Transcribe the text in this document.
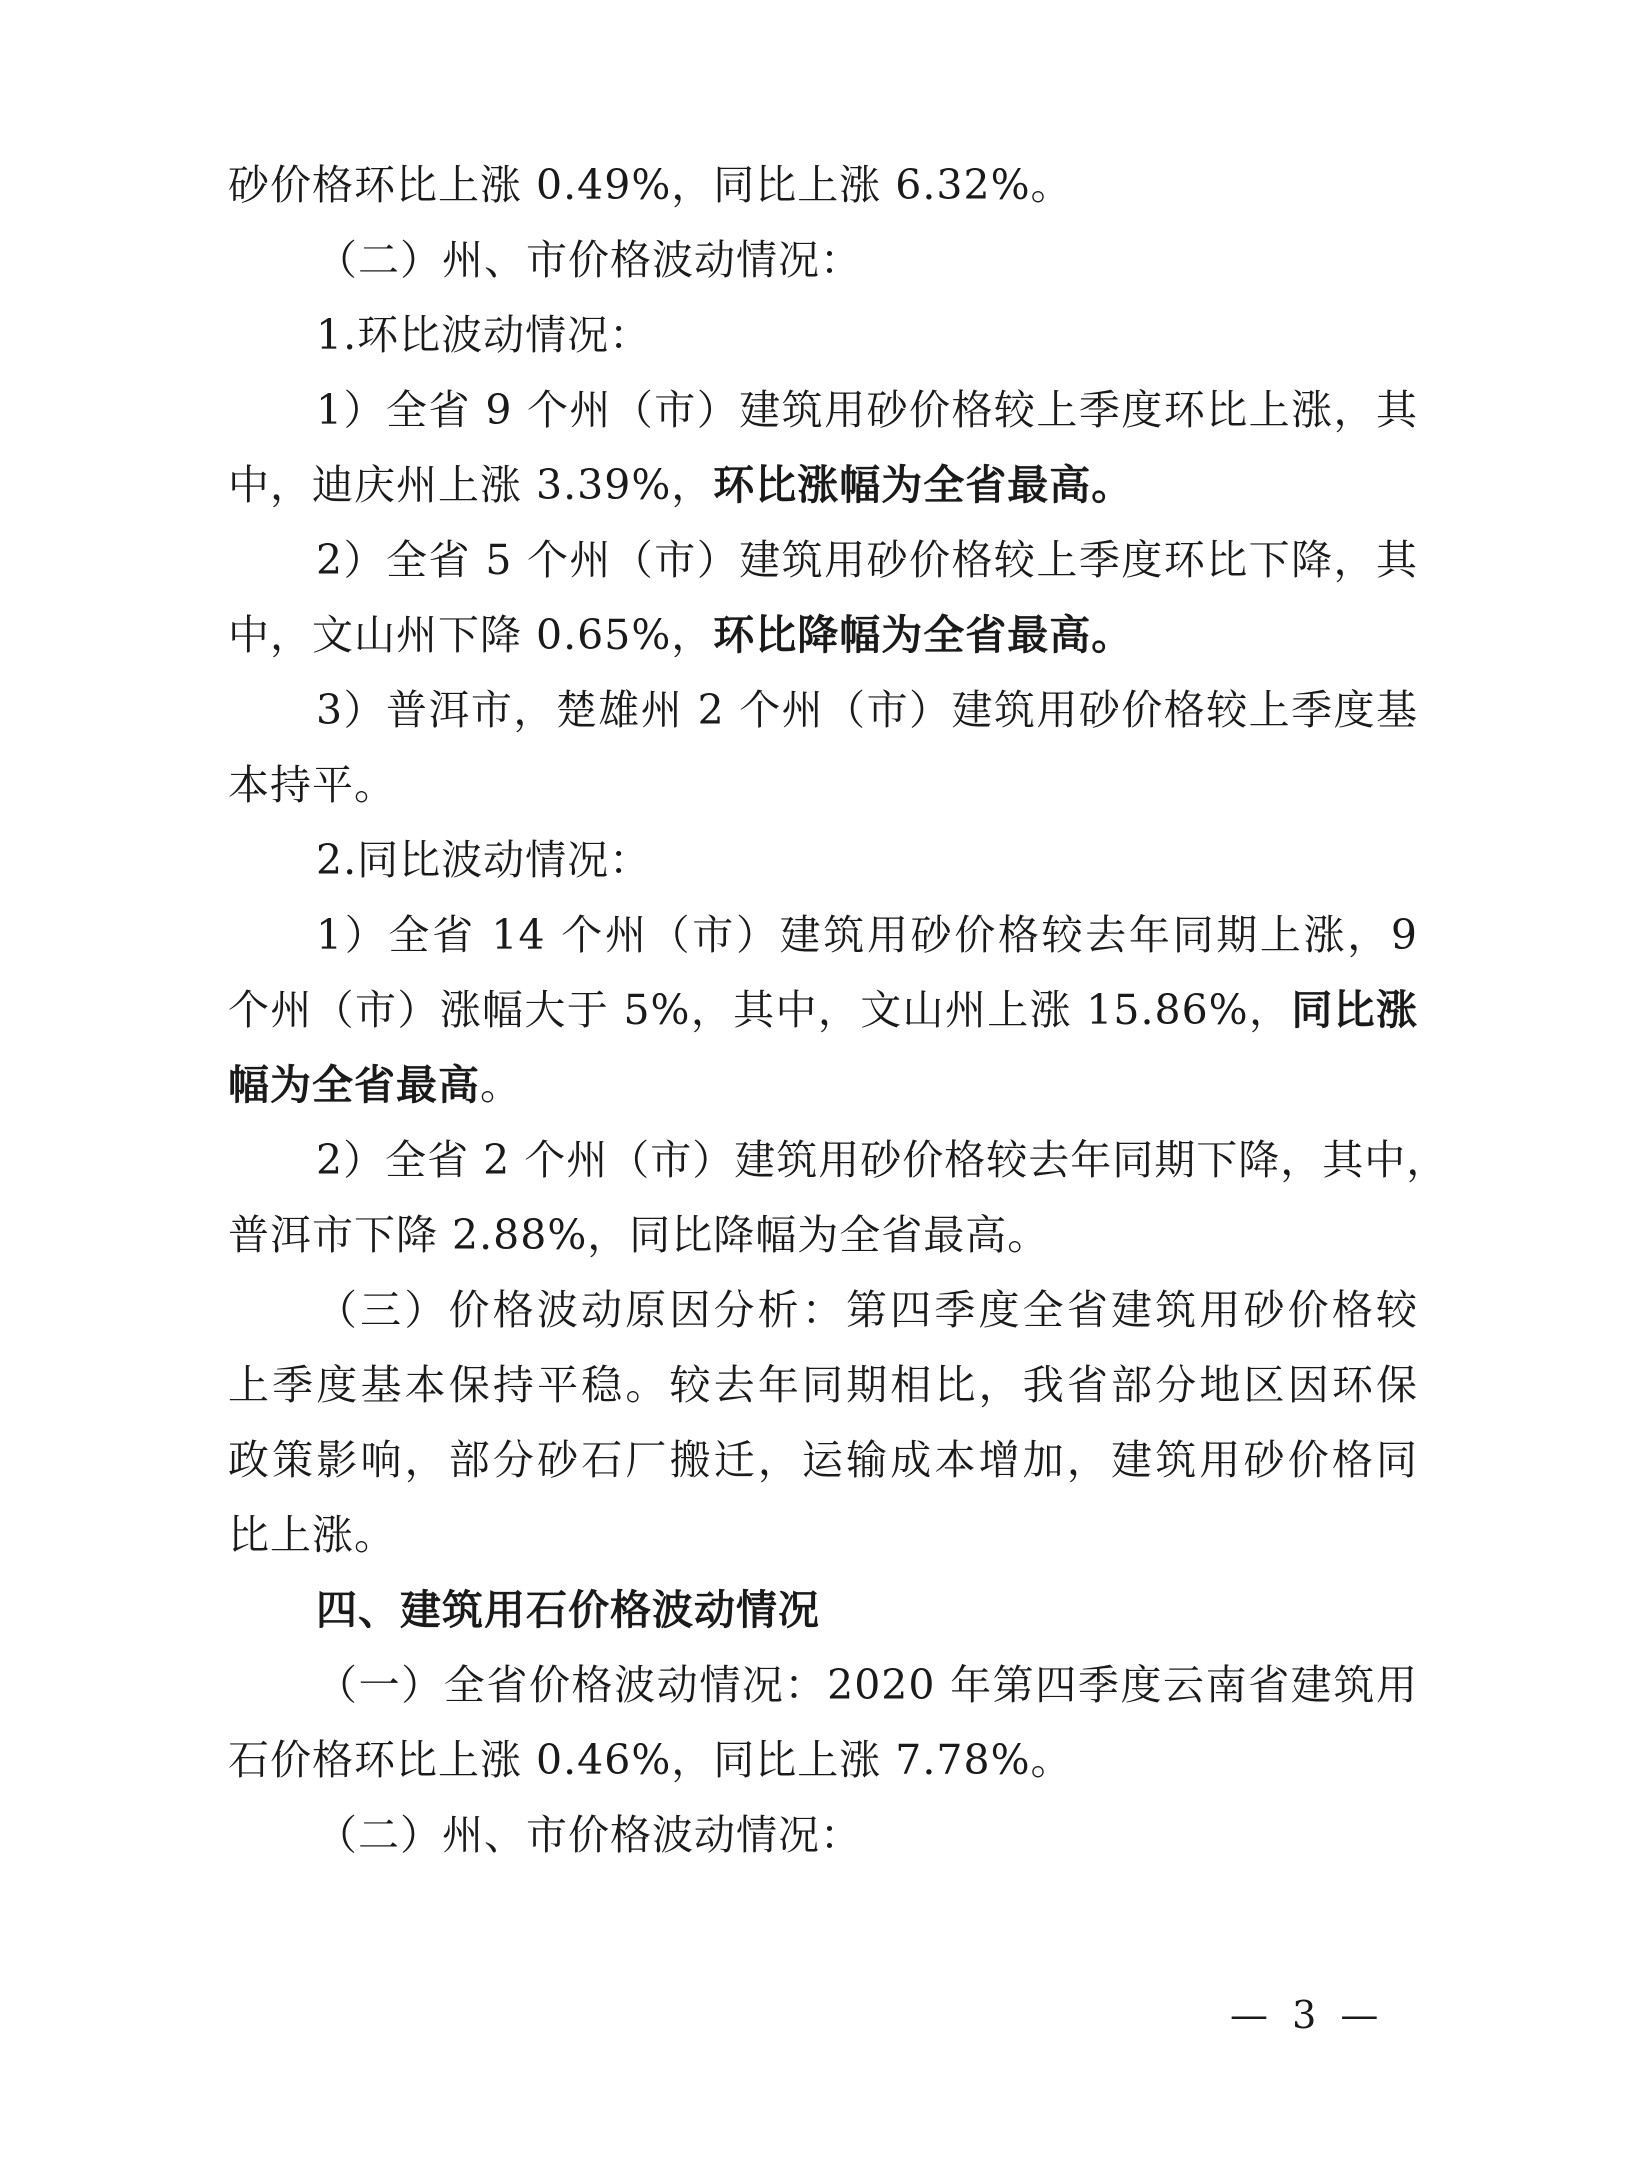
砂价格环比上涨 0.49%，同比上涨 6.32%。
（二）州、市价格波动情况：
1.环比波动情况：
1）全省 9 个州（市）建筑用砂价格较上季度环比上涨，其
中，迪庆州上涨 3.39%，环比涨幅为全省最高。
2）全省 5 个州（市）建筑用砂价格较上季度环比下降，其
中，文山州下降 0.65%，环比降幅为全省最高。
3）普洱市，楚雄州 2 个州（市）建筑用砂价格较上季度基
本持平。
2.同比波动情况：
1）全省 14 个州（市）建筑用砂价格较去年同期上涨，9
个州（市）涨幅大于 5%，其中，文山州上涨 15.86%，同比涨
幅为全省最高。
2）全省 2 个州（市）建筑用砂价格较去年同期下降，其中，
普洱市下降 2.88%，同比降幅为全省最高。
（三）价格波动原因分析：第四季度全省建筑用砂价格较
上季度基本保持平稳。较去年同期相比，我省部分地区因环保
政策影响，部分砂石厂搬迁，运输成本增加，建筑用砂价格同
比上涨。
四、建筑用石价格波动情况
（一）全省价格波动情况：2020 年第四季度云南省建筑用
石价格环比上涨 0.46%，同比上涨 7.78%。
（二）州、市价格波动情况：
— 3 —
